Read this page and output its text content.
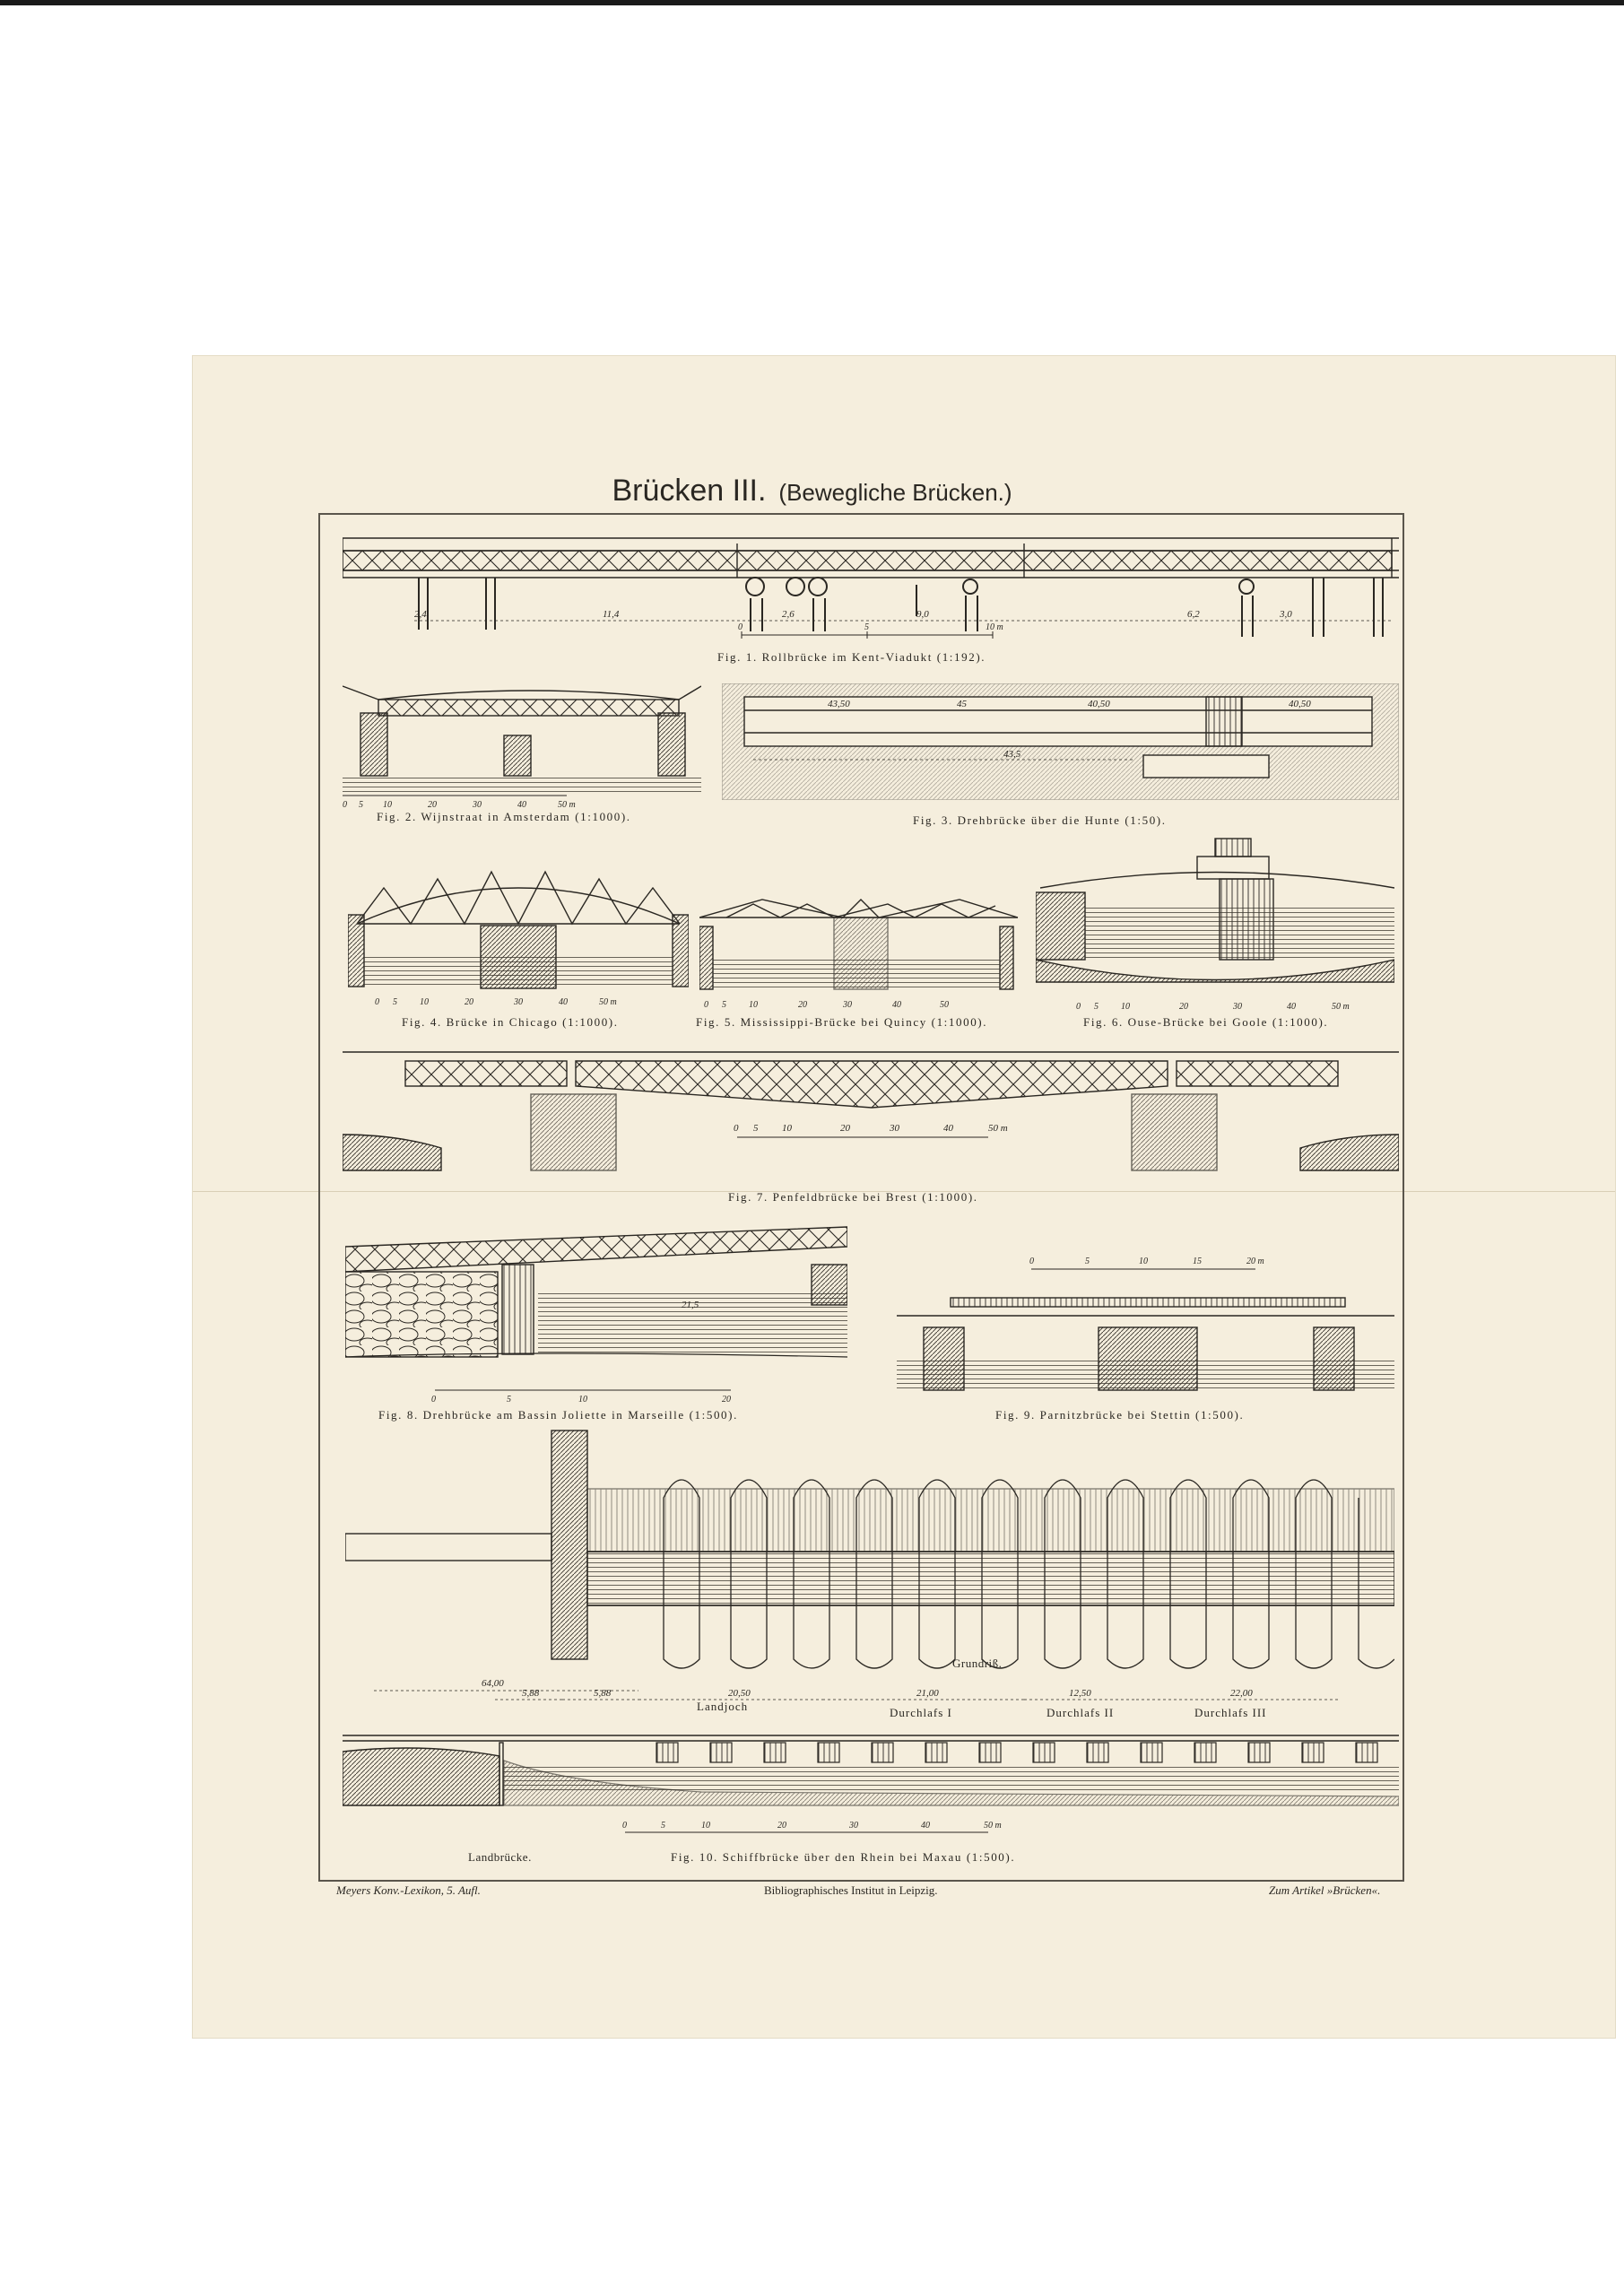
Brücken III. (Bewegliche Brücken.)
2,4	11,4	2,6	9,0	6,2	3,0
0	5	10 m
Fig. 1. Rollbrücke im Kent-Viadukt (1:192).
0 5 10	20	30	40	50 m
Fig. 2. Wijnstraat in Amsterdam (1:1000).
43,50	45	40,50	40,50
43,5
Fig. 3. Drehbrücke über die Hunte (1:50).
0 5	10	20	30	40	50 m
Fig. 4. Brücke in Chicago (1:1000).
0 5	10	20	30	40	50
Fig. 5. Mississippi-Brücke bei Quincy (1:1000).
0 5	10	20	30	40	50 m
Fig. 6. Ouse-Brücke bei Goole (1:1000).
0 5 10	20	30	40	50 m
Fig. 7. Penfeldbrücke bei Brest (1:1000).
21,5
0	5	10	20
Fig. 8. Drehbrücke am Bassin Joliette in Marseille (1:500).
0	5	10	15	20 m
Fig. 9. Parnitzbrücke bei Stettin (1:500).
Grundriß.
64,00
20,50
5,88	5,88	21,00	12,50	22,00
Landjoch	Durchlafs I	Durchlafs II	Durchlafs III
0	5	10	20	30	40	50 m
Landbrücke.	Fig. 10. Schiffbrücke über den Rhein bei Maxau (1:500).
Meyers Konv.-Lexikon, 5. Aufl.	Bibliographisches Institut in Leipzig.	Zum Artikel »Brücken«.
